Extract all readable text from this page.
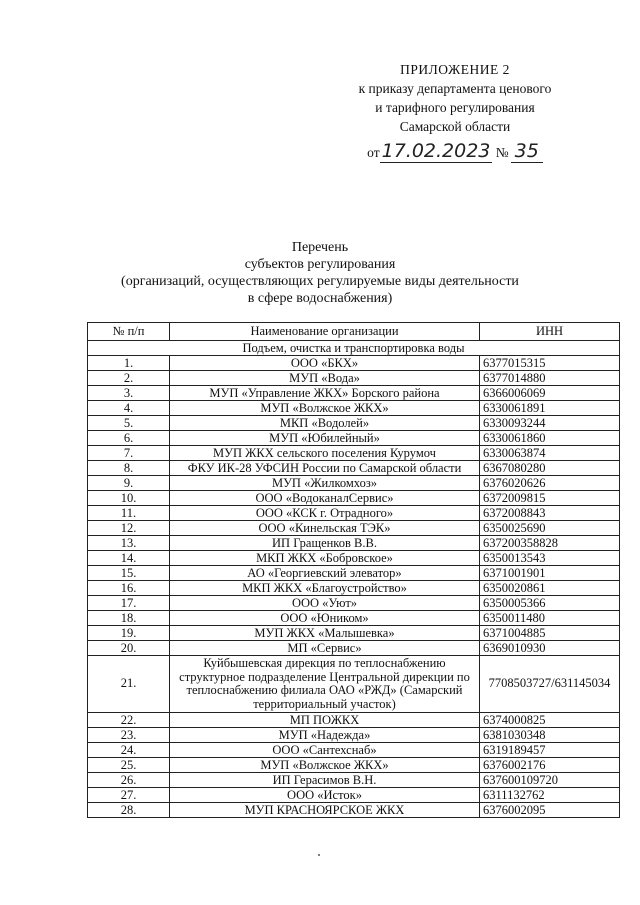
ПРИЛОЖЕНИЕ 2
к приказу департамента ценового
и тарифного регулирования
Самарской области
от 17.02.2023 № 35
Перечень
субъектов регулирования
(организаций, осуществляющих регулируемые виды деятельности
в сфере водоснабжения)
№ п/п	Наименование организации	ИНН
Подъем, очистка и транспортировка воды		
1.	ООО «БКХ»	6377015315
2.	МУП «Вода»	6377014880
3.	МУП «Управление ЖКХ» Борского района	6366006069
4.	МУП «Волжское ЖКХ»	6330061891
5.	МКП «Водолей»	6330093244
6.	МУП «Юбилейный»	6330061860
7.	МУП ЖКХ сельского поселения Курумоч	6330063874
8.	ФКУ ИК-28 УФСИН России по Самарской области	6367080280
9.	МУП «Жилкомхоз»	6376020626
10.	ООО «ВодоканалСервис»	6372009815
11.	ООО «КСК г. Отрадного»	6372008843
12.	ООО «Кинельская ТЭК»	6350025690
13.	ИП Гращенков В.В.	637200358828
14.	МКП ЖКХ «Бобровское»	6350013543
15.	АО «Георгиевский элеватор»	6371001901
16.	МКП ЖКХ «Благоустройство»	6350020861
17.	ООО «Уют»	6350005366
18.	ООО «Юником»	6350011480
19.	МУП ЖКХ «Малышевка»	6371004885
20.	МП «Сервис»	6369010930
21.	Куйбышевская дирекция по теплоснабжению структурное подразделение Центральной дирекции по теплоснабжению филиала ОАО «РЖД» (Самарский территориальный участок)	7708503727/631145034
22.	МП ПОЖКХ	6374000825
23.	МУП «Надежда»	6381030348
24.	ООО «Сантехснаб»	6319189457
25.	МУП «Волжское ЖКХ»	6376002176
26.	ИП Герасимов В.Н.	637600109720
27.	ООО «Исток»	6311132762
28.	МУП КРАСНОЯРСКОЕ ЖКХ	6376002095
